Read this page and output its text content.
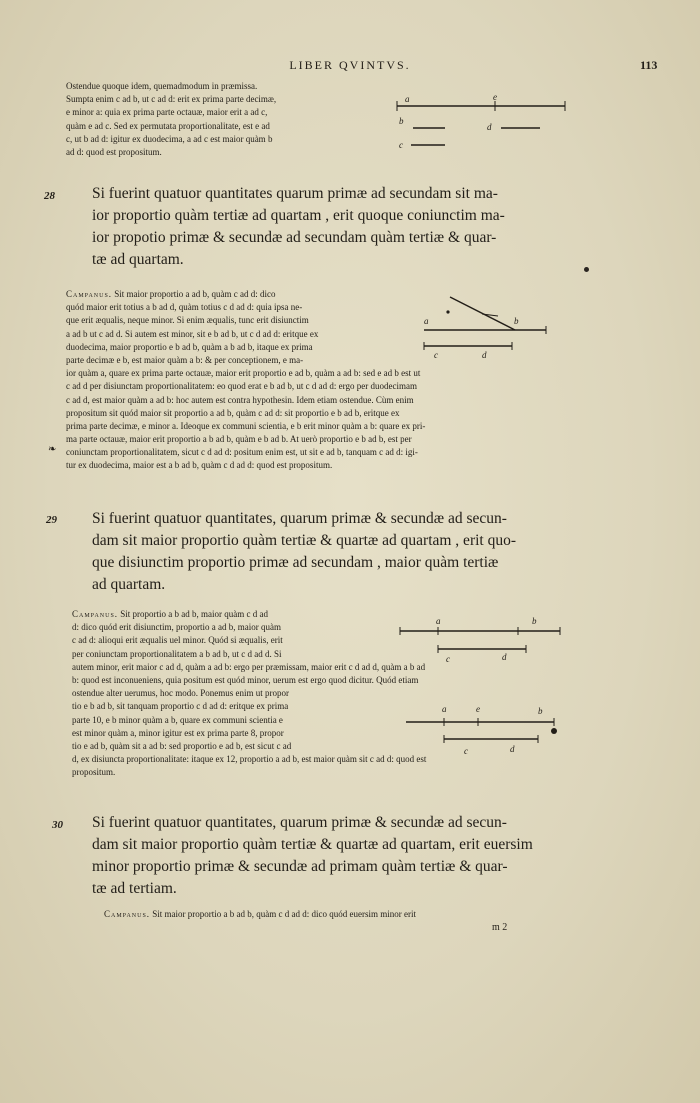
LIBER QVINTVS.	113
Ostendue quoque idem, quemadmodum in præmissa.
Sumpta enim c ad b, ut c ad d: erit ex prima parte decimæ,
e minor a: quia ex prima parte octauæ, maior erit a ad c,
quàm e ad c. Sed ex permutata proportionalitate, est e ad
c, ut b ad d: igitur ex duodecima, a ad c est maior quàm b
ad d: quod est propositum.
a	e
b
d
c
28 Si fuerint quatuor quantitates quarum primæ ad secundam sit ma-
ior proportio quàm tertiæ ad quartam , erit quoque coniunctim ma-
ior propotio primæ & secundæ ad secundam quàm tertiæ & quar-
tæ ad quartam.
Campanus. Sit maior proportio a ad b, quàm c ad d: dico
quód maior erit totius a b ad d, quàm totius c d ad d: quia ipsa ne-
que erit æqualis, neque minor. Si enim æqualis, tunc erit disiunctim
a ad b ut c ad d. Si autem est minor, sit e b ad b, ut c d ad d: eritque ex
duodecima, maior proportio e b ad b, quàm a b ad b, itaque ex prima
parte decimæ e b, est maior quàm a b: & per conceptionem, e ma-
ior quàm a, quare ex prima parte octauæ, maior erit proportio e ad b, quàm a ad b: sed e ad b est ut
c ad d per disiunctam proportionalitatem: eo quod erat e b ad b, ut c d ad d: ergo per duodecimam
c ad d, est maior quàm a ad b: hoc autem est contra hypothesin. Idem etiam ostendue. Cùm enim
propositum sit quód maior sit proportio a ad b, quàm c ad d: sit proportio e b ad b, eritque ex
prima parte decimæ, e minor a. Ideoque ex communi scientia, e b erit minor quàm a b: quare ex pri-
ma parte octauæ, maior erit proportio a b ad b, quàm e b ad b. At uerò proportio e b ad b, est per
coniunctam proportionalitatem, sicut c d ad d: positum enim est, ut sit e ad b, tanquam c ad d: igi-
tur ex duodecima, maior est a b ad b, quàm c d ad d: quod est propositum.
a	b
c	d
❧
29 Si fuerint quatuor quantitates, quarum primæ & secundæ ad secun-
dam sit maior proportio quàm tertiæ & quartæ ad quartam , erit quo-
que disiunctim proportio primæ ad secundam , maior quàm tertiæ
ad quartam.
Campanus. Sit proportio a b ad b, maior quàm c d ad
d: dico quód erit disiunctim, proportio a ad b, maior quàm
c ad d: alioqui erit æqualis uel minor. Quód si æqualis, erit
per coniunctam proportionalitatem a b ad b, ut c d ad d. Si
autem minor, erit maior c ad d, quàm a ad b: ergo per præmissam, maior erit c d ad d, quàm a b ad
b: quod est inconueniens, quia positum est quód minor, uerum est ergo quod dicitur. Quód etiam
ostendue alter uerumus, hoc modo. Ponemus enim ut propor
tio e b ad b, sit tanquam proportio c d ad d: eritque ex prima
parte 10, e b minor quàm a b, quare ex communi scientia e
est minor quàm a, minor igitur est ex prima parte 8, propor
tio e ad b, quàm sit a ad b: sed proportio e ad b, est sicut c ad
d, ex disiuncta proportionalitate: itaque ex 12, proportio a ad b, est maior quàm sit c ad d: quod est
propositum.
a	b
c	d
a	e	b
c	d
30 Si fuerint quatuor quantitates, quarum primæ & secundæ ad secun-
dam sit maior proportio quàm tertiæ & quartæ ad quartam, erit euersim
minor proportio primæ & secundæ ad primam quàm tertiæ & quar-
tæ ad tertiam.
Campanus. Sit maior proportio a b ad b, quàm c d ad d: dico quód euersim minor erit
m 2
